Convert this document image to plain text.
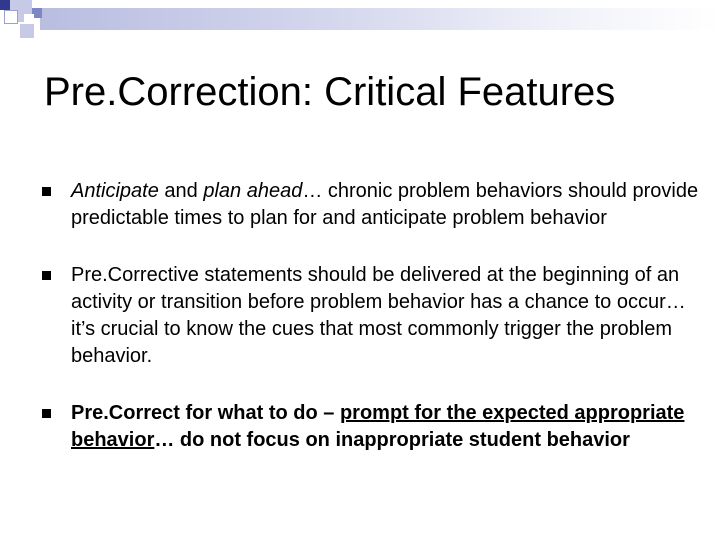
Pre.Correction: Critical Features
Anticipate and plan ahead… chronic problem behaviors should provide predictable times to plan for and anticipate problem behavior
Pre.Corrective statements should be delivered at the beginning of an activity or transition before problem behavior has a chance to occur… it’s crucial to know the cues that most commonly trigger the problem behavior.
Pre.Correct for what to do – prompt for the expected appropriate behavior… do not focus on inappropriate student behavior
